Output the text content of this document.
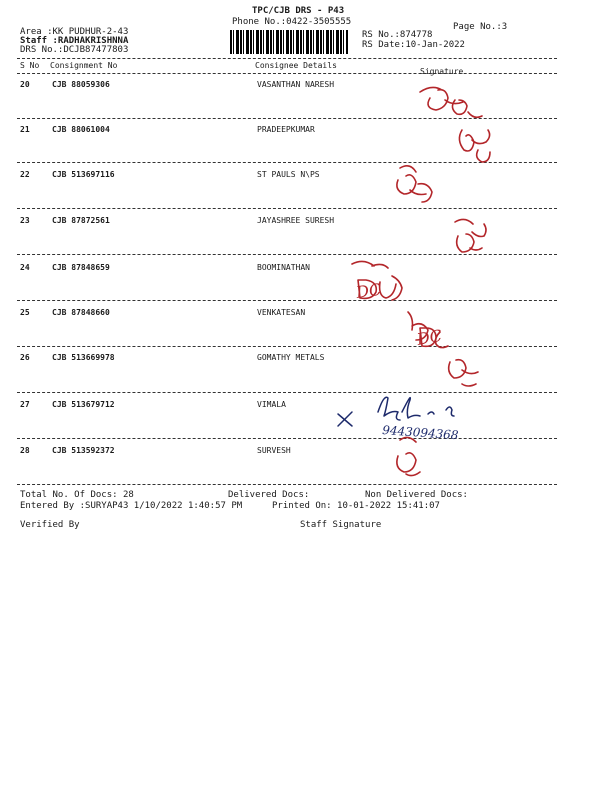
TPC/CJB DRS - P43
Phone No.:0422-3505555	Page No.:3
Area :KK PUDHUR-2-43
Staff :RADHAKRISHNNA
DRS No.:DCJB87477803
RS No.:874778
RS Date:10-Jan-2022
S No Consignment No	Consignee Details
Signature
20	CJB 88059306	VASANTHAN NARESH
21	CJB 88061004	PRADEEPKUMAR
22	CJB 513697116	ST PAULS N\PS
23	CJB 87872561	JAYASHREE SURESH
24	CJB 87848659	BOOMINATHAN
25	CJB 87848660	VENKATESAN
26	CJB 513669978	GOMATHY METALS
27	CJB 513679712	VIMALA
28	CJB 513592372	SURVESH
Total No. Of Docs: 28	Delivered Docs:	Non Delivered Docs:
Entered By :SURYAP43 1/10/2022 1:40:57 PM	Printed On: 10-01-2022 15:41:07
Verified By	Staff Signature
9443094368
DC
DC
